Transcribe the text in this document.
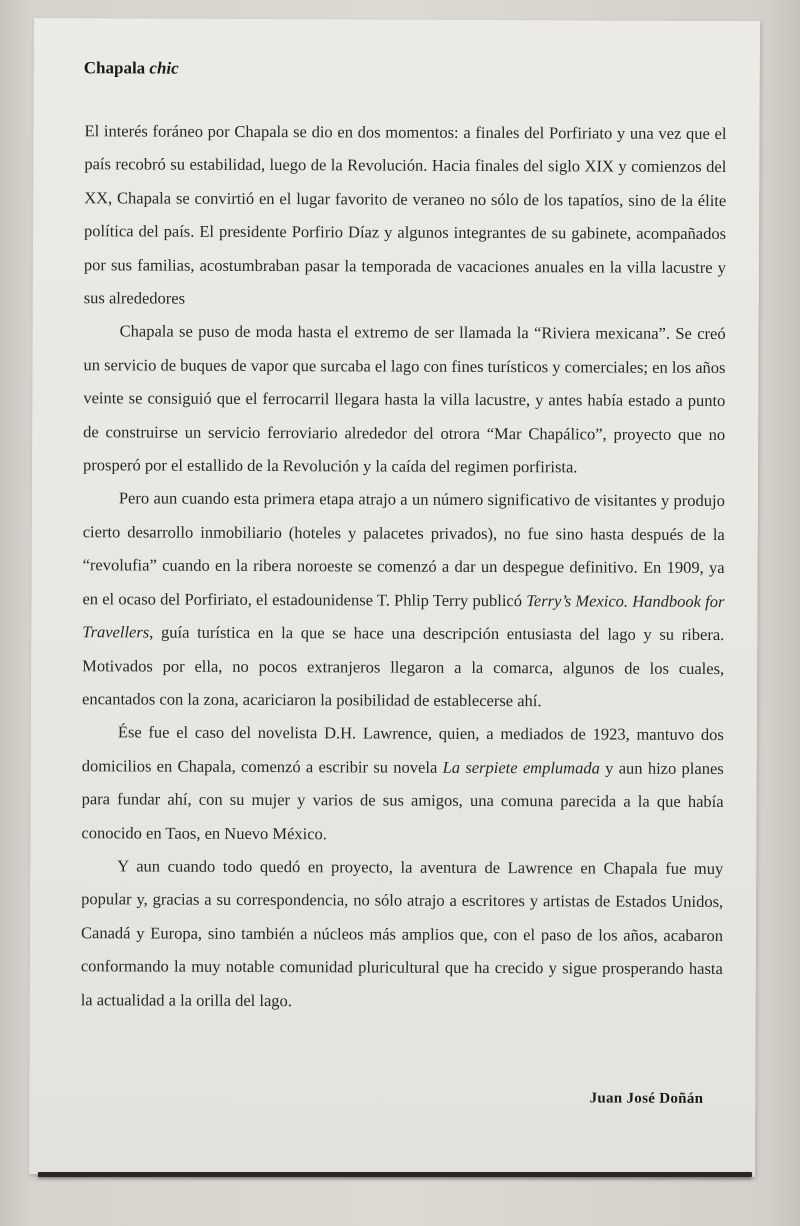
Chapala chic

El interés foráneo por Chapala se dio en dos momentos: a finales del Porfiriato y una vez que el país recobró su estabilidad, luego de la Revolución. Hacia finales del siglo XIX y comienzos del XX, Chapala se convirtió en el lugar favorito de veraneo no sólo de los tapatíos, sino de la élite política del país. El presidente Porfirio Díaz y algunos integrantes de su gabinete, acompañados por sus familias, acostumbraban pasar la temporada de vacaciones anuales en la villa lacustre y sus alrededores

Chapala se puso de moda hasta el extremo de ser llamada la “Riviera mexicana”. Se creó un servicio de buques de vapor que surcaba el lago con fines turísticos y comerciales; en los años veinte se consiguió que el ferrocarril llegara hasta la villa lacustre, y antes había estado a punto de construirse un servicio ferroviario alrededor del otrora “Mar Chapálico”, proyecto que no prosperó por el estallido de la Revolución y la caída del regimen porfirista.

Pero aun cuando esta primera etapa atrajo a un número significativo de visitantes y produjo cierto desarrollo inmobiliario (hoteles y palacetes privados), no fue sino hasta después de la “revolufia” cuando en la ribera noroeste se comenzó a dar un despegue definitivo. En 1909, ya en el ocaso del Porfiriato, el estadounidense T. Phlip Terry publicó Terry’s Mexico. Handbook for Travellers, guía turística en la que se hace una descripción entusiasta del lago y su ribera. Motivados por ella, no pocos extranjeros llegaron a la comarca, algunos de los cuales, encantados con la zona, acariciaron la posibilidad de establecerse ahí.

Ése fue el caso del novelista D.H. Lawrence, quien, a mediados de 1923, mantuvo dos domicilios en Chapala, comenzó a escribir su novela La serpiete emplumada y aun hizo planes para fundar ahí, con su mujer y varios de sus amigos, una comuna parecida a la que había conocido en Taos, en Nuevo México.

Y aun cuando todo quedó en proyecto, la aventura de Lawrence en Chapala fue muy popular y, gracias a su correspondencia, no sólo atrajo a escritores y artistas de Estados Unidos, Canadá y Europa, sino también a núcleos más amplios que, con el paso de los años, acabaron conformando la muy notable comunidad pluricultural que ha crecido y sigue prosperando hasta la actualidad a la orilla del lago.

Juan José Doñán
